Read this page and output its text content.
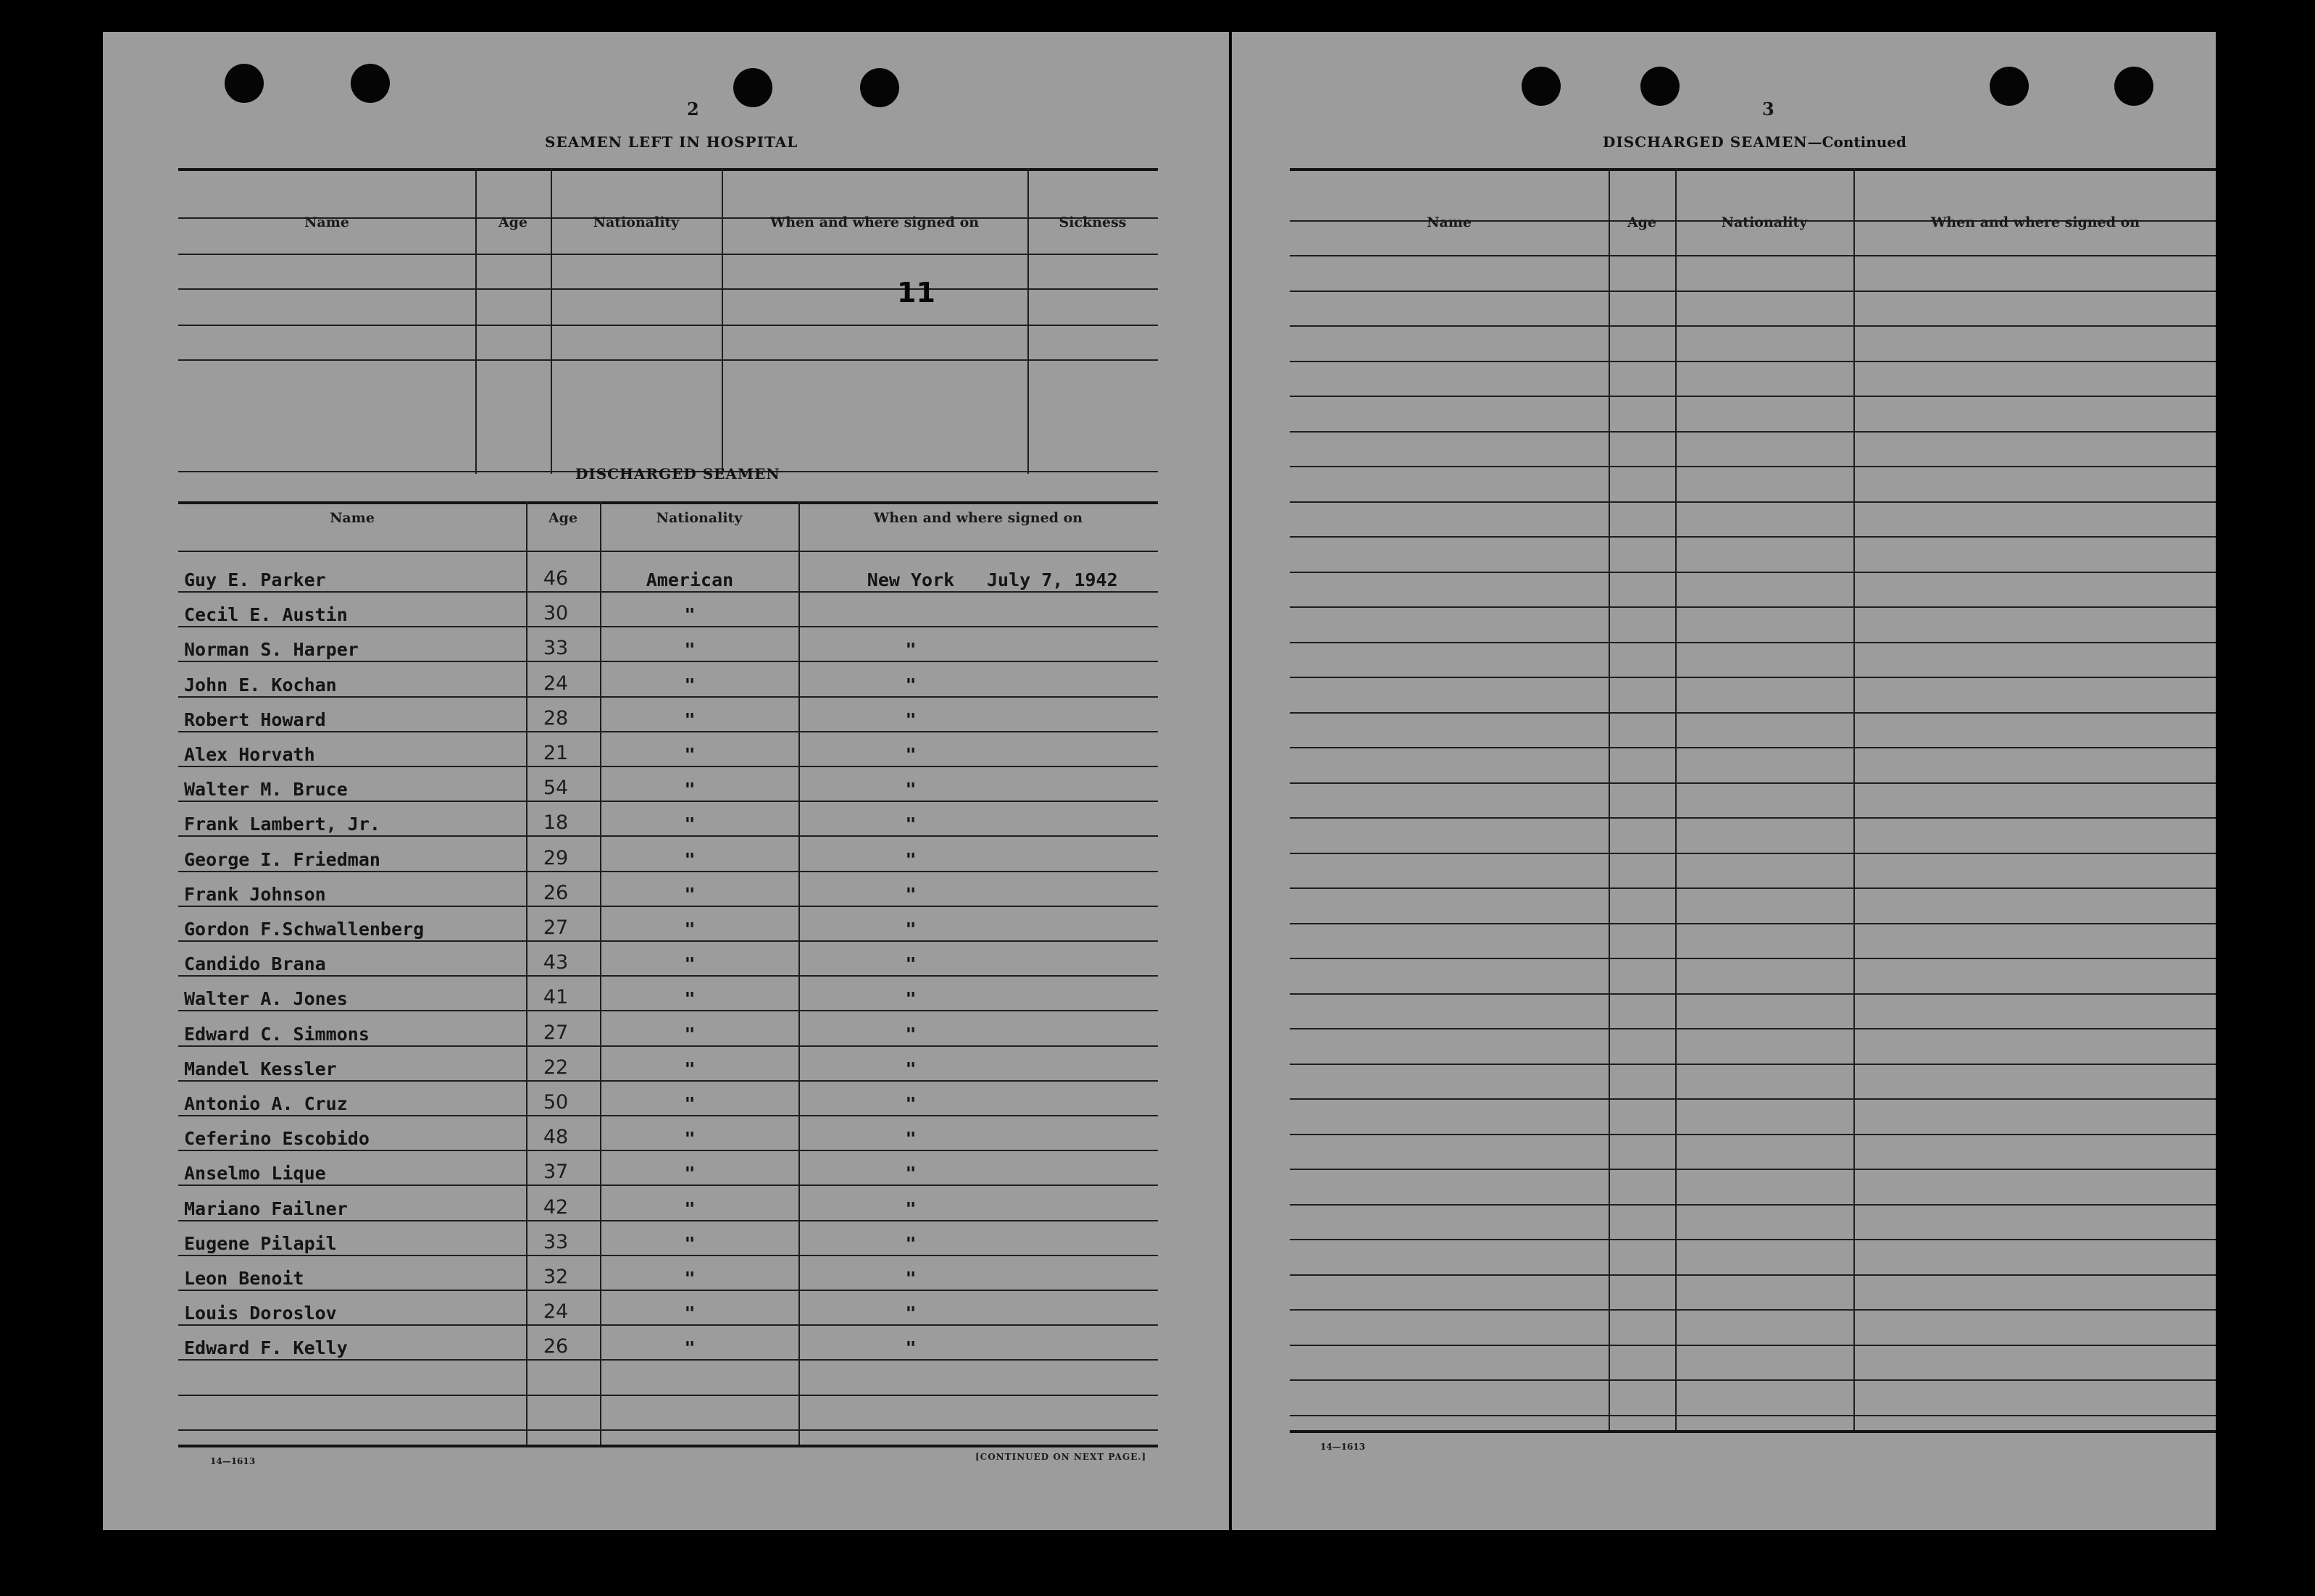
2
SEAMEN LEFT IN HOSPITAL
Name	Age	Nationality	When and where signed on	Sickness
11
DISCHARGED SEAMEN
Name	Age	Nationality	When and where signed on
Guy E. Parker	46	American	New York	July 7, 1942
Cecil E. Austin	30	"
Norman S. Harper	33	"	"
John E. Kochan	24	"	"
Robert Howard	28	"	"
Alex Horvath	21	"	"
Walter M. Bruce	54	"	"
Frank Lambert, Jr.	18	"	"
George I. Friedman	29	"	"
Frank Johnson	26	"	"
Gordon F.Schwallenberg	27	"	"
Candido Brana	43	"	"
Walter A. Jones	41	"	"
Edward C. Simmons	27	"	"
Mandel Kessler	22	"	"
Antonio A. Cruz	50	"	"
Ceferino Escobido	48	"	"
Anselmo Lique	37	"	"
Mariano Failner	42	"	"
Eugene Pilapil	33	"	"
Leon Benoit	32	"	"
Louis Doroslov	24	"	"
Edward F. Kelly	26	"	"
14—1613	[CONTINUED ON NEXT PAGE.]
3
DISCHARGED SEAMEN—Continued
Name	Age	Nationality	When and where signed on
14—1613
